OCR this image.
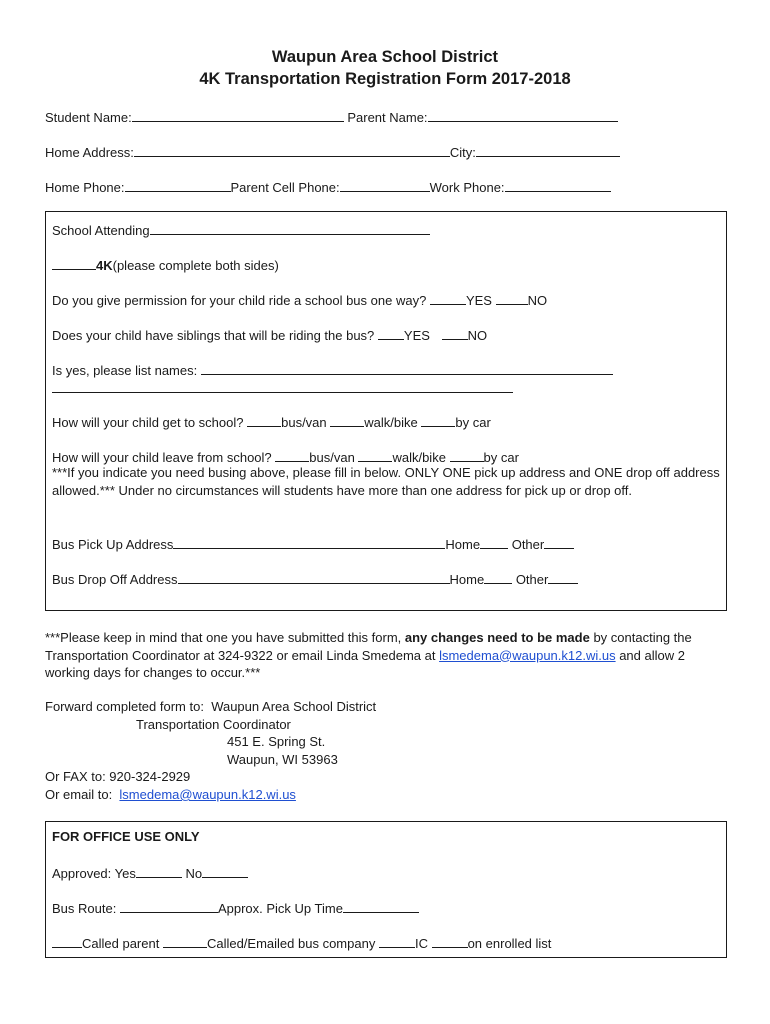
Waupun Area School District
4K Transportation Registration Form 2017-2018
Student Name:	Parent Name:
Home Address:	City:
Home Phone:	Parent Cell Phone:	Work Phone:
School Attending
4K(please complete both sides)
Do you give permission for your child ride a school bus one way?	YES	NO
Does your child have siblings that will be riding the bus? YES	NO
Is yes, please list names:
How will your child get to school?	bus/van	walk/bike	by car
How will your child leave from school?	bus/van	walk/bike	by car
***If you indicate you need busing above, please fill in below. ONLY ONE pick up address and ONE drop off address allowed.*** Under no circumstances will students have more than one address for pick up or drop off.
Bus Pick Up Address	Home Other
Bus Drop Off Address	Home Other
***Please keep in mind that one you have submitted this form, any changes need to be made by contacting the Transportation Coordinator at 324-9322 or email Linda Smedema at lsmedema@waupun.k12.wi.us and allow 2 working days for changes to occur.***
Forward completed form to: Waupun Area School District
Transportation Coordinator
451 E. Spring St.
Waupun, WI 53963
Or FAX to: 920-324-2929
Or email to: lsmedema@waupun.k12.wi.us
FOR OFFICE USE ONLY
Approved: Yes	No
Bus Route:	Approx. Pick Up Time
Called parent	Called/Emailed bus company	IC	on enrolled list
